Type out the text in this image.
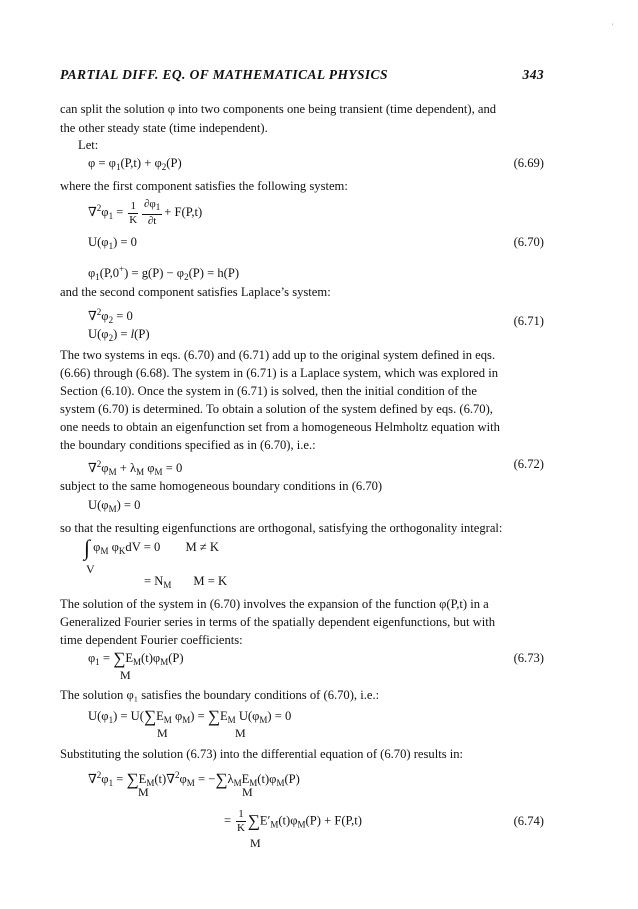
'
PARTIAL DIFF. EQ. OF MATHEMATICAL PHYSICS	343
can split the solution φ into two components one being transient (time dependent), and
the other steady state (time independent).
Let:
$\varphi = \varphi_1(P,t) + \varphi_2(P)$	(6.69)
where the first component satisfies the following system:
$\nabla^2\varphi_1 = \frac{1}{K} \frac{\partial\varphi_1}{\partial t} + F(P,t)$
$U(\varphi_1) = 0$	(6.70)
$\varphi_1(P,0^+) = g(P) - \varphi_2(P) = h(P)$
and the second component satisfies Laplace’s system:
$\nabla^2\varphi_2 = 0$
$U(\varphi_2) = l(P)$
(6.71)
The two systems in eqs. (6.70) and (6.71) add up to the original system defined in eqs.
(6.66) through (6.68). The system in (6.71) is a Laplace system, which was explored in
Section (6.10). Once the system in (6.71) is solved, then the initial condition of the
system (6.70) is determined. To obtain a solution of the system defined by eqs. (6.70),
one needs to obtain an eigenfunction set from a homogeneous Helmholtz equation with
the boundary conditions specified as in (6.70), i.e.:
$\nabla^2\varphi_M + \lambda_M$ $\varphi_M = 0$	(6.72)
subject to the same homogeneous boundary conditions in (6.70)
$U(\varphi_M) = 0$
so that the resulting eigenfunctions are orthogonal, satisfying the orthogonality integral:
∫ $\varphi_M$ $\varphi_KdV = 0$        M ≠ K
V
= $N_M$       M = K
The solution of the system in (6.70) involves the expansion of the function φ(P,t) in a
Generalized Fourier series in terms of the spatially dependent eigenfunctions, but with
time dependent Fourier coefficients:
$\varphi_1 = \sum E_M(t)\varphi_M(P)$
M
(6.73)
The solution φ₁ satisfies the boundary conditions of (6.70), i.e.:
$U(\varphi_1) = U(\sum E_M$ $\varphi_M) = \sum E_M$ $U(\varphi_M) = 0$
M	M
Substituting the solution (6.73) into the differential equation of (6.70) results in:
$\nabla^2\varphi_1 = \sum E_M(t)\nabla^2\varphi_M = -\sum\lambda_ME_M(t)\varphi_M(P)$
M	M
= $\frac{1}{K} \sum E'_M(t)\varphi_M(P) + F(P,t)$
M
(6.74)
